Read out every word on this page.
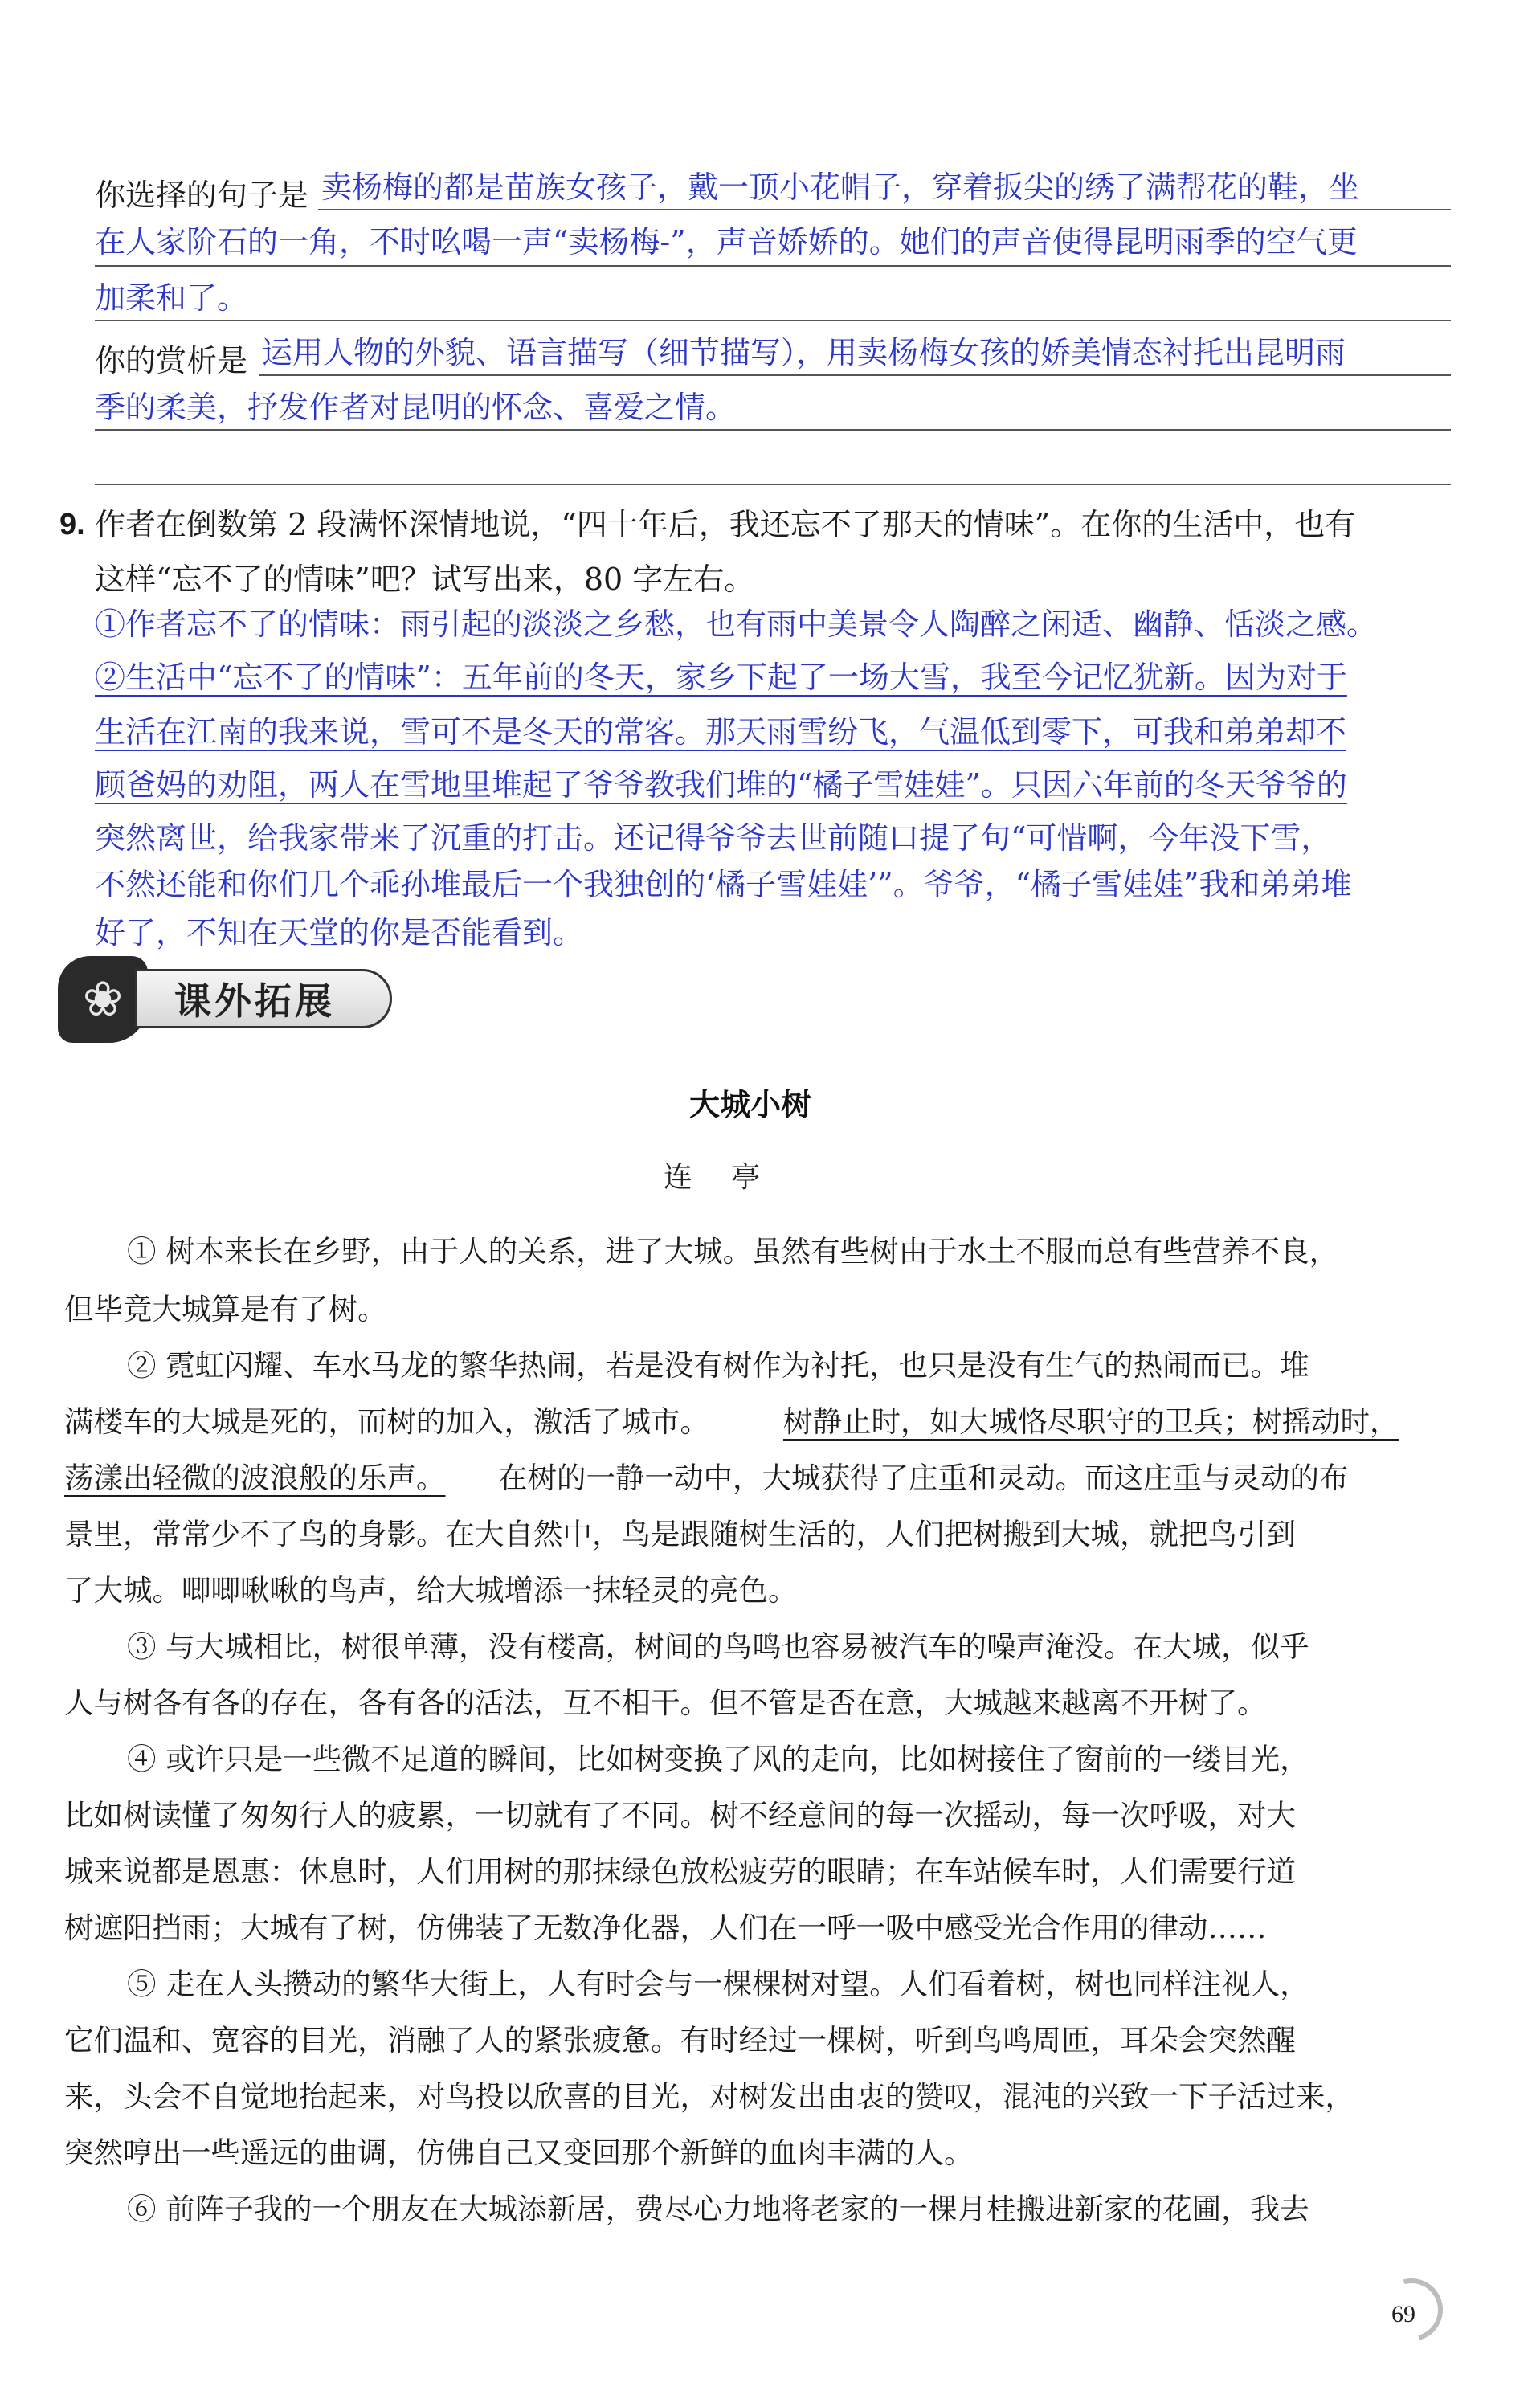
你选择的句子是 卖杨梅的都是苗族女孩子，戴一顶小花帽子，穿着扳尖的绣了满帮花的鞋，坐
在人家阶石的一角，不时吆喝一声“卖杨梅-”，声音娇娇的。她们的声音使得昆明雨季的空气更
加柔和了。
你的赏析是 运用人物的外貌、语言描写（细节描写），用卖杨梅女孩的娇美情态衬托出昆明雨
季的柔美，抒发作者对昆明的怀念、喜爱之情。
9. 作者在倒数第 2 段满怀深情地说，“四十年后，我还忘不了那天的情味”。在你的生活中，也有
这样“忘不了的情味”吧？试写出来，80 字左右。
①作者忘不了的情味：雨引起的淡淡之乡愁，也有雨中美景令人陶醉之闲适、幽静、恬淡之感。
②生活中“忘不了的情味”：五年前的冬天，家乡下起了一场大雪，我至今记忆犹新。因为对于
生活在江南的我来说，雪可不是冬天的常客。那天雨雪纷飞，气温低到零下，可我和弟弟却不
顾爸妈的劝阻，两人在雪地里堆起了爷爷教我们堆的“橘子雪娃娃”。只因六年前的冬天爷爷的
突然离世，给我家带来了沉重的打击。还记得爷爷去世前随口提了句“可惜啊，今年没下雪，
不然还能和你们几个乖孙堆最后一个我独创的‘橘子雪娃娃’”。爷爷，“橘子雪娃娃”我和弟弟堆
好了，不知在天堂的你是否能看到。
❀	课外拓展
大城小树
连亭
① 树本来长在乡野，由于人的关系，进了大城。虽然有些树由于水土不服而总有些营养不良，
但毕竟大城算是有了树。
② 霓虹闪耀、车水马龙的繁华热闹，若是没有树作为衬托，也只是没有生气的热闹而已。堆
满楼车的大城是死的，而树的加入，激活了城市。	树静止时，如大城恪尽职守的卫兵；树摇动时，
荡漾出轻微的波浪般的乐声。 在树的一静一动中，大城获得了庄重和灵动。而这庄重与灵动的布
景里，常常少不了鸟的身影。在大自然中，鸟是跟随树生活的，人们把树搬到大城，就把鸟引到
了大城。唧唧啾啾的鸟声，给大城增添一抹轻灵的亮色。
③ 与大城相比，树很单薄，没有楼高，树间的鸟鸣也容易被汽车的噪声淹没。在大城，似乎
人与树各有各的存在，各有各的活法，互不相干。但不管是否在意，大城越来越离不开树了。
④ 或许只是一些微不足道的瞬间，比如树变换了风的走向，比如树接住了窗前的一缕目光，
比如树读懂了匆匆行人的疲累，一切就有了不同。树不经意间的每一次摇动，每一次呼吸，对大
城来说都是恩惠：休息时，人们用树的那抹绿色放松疲劳的眼睛；在车站候车时，人们需要行道
树遮阳挡雨；大城有了树，仿佛装了无数净化器，人们在一呼一吸中感受光合作用的律动……
⑤ 走在人头攒动的繁华大街上，人有时会与一棵棵树对望。人们看着树，树也同样注视人，
它们温和、宽容的目光，消融了人的紧张疲惫。有时经过一棵树，听到鸟鸣周匝，耳朵会突然醒
来，头会不自觉地抬起来，对鸟投以欣喜的目光，对树发出由衷的赞叹，混沌的兴致一下子活过来，
突然哼出一些遥远的曲调，仿佛自己又变回那个新鲜的血肉丰满的人。
⑥ 前阵子我的一个朋友在大城添新居，费尽心力地将老家的一棵月桂搬进新家的花圃，我去
69
